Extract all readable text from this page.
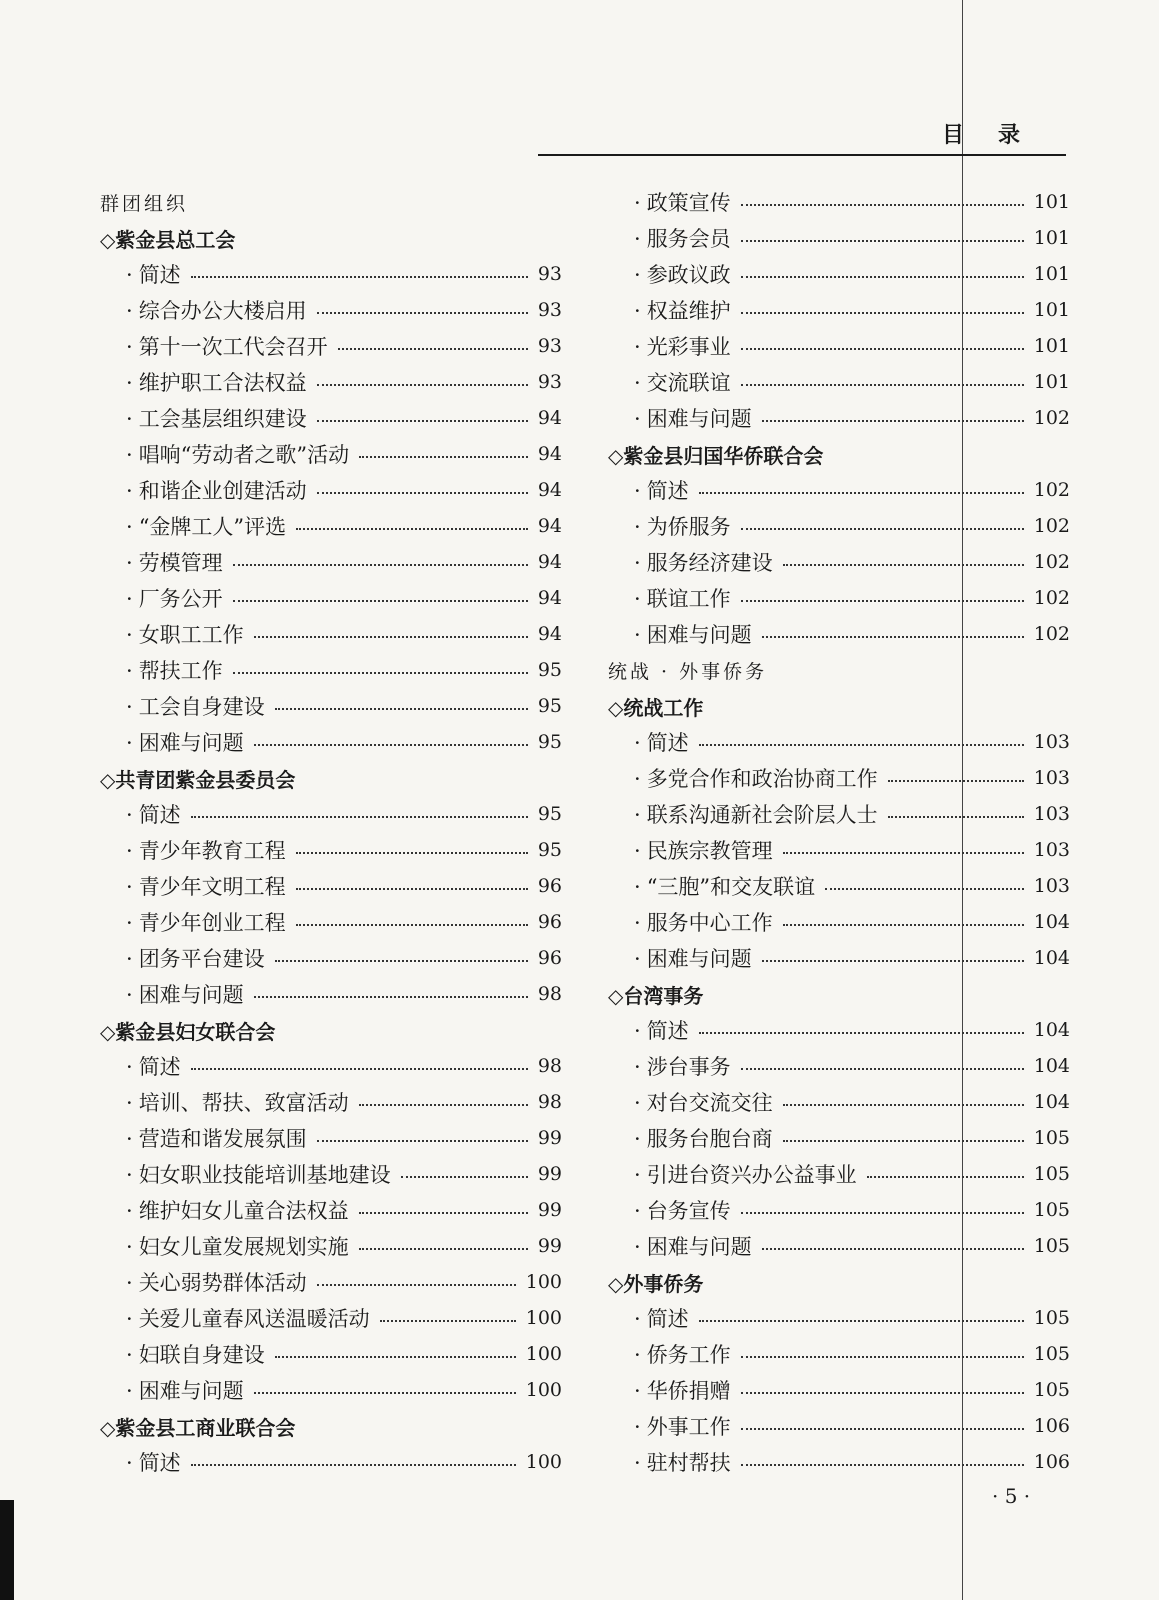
目录
群团组织
◇紫金县总工会
· 简述	93
· 综合办公大楼启用	93
· 第十一次工代会召开	93
· 维护职工合法权益	93
· 工会基层组织建设	94
· 唱响“劳动者之歌”活动	94
· 和谐企业创建活动	94
· “金牌工人”评选	94
· 劳模管理	94
· 厂务公开	94
· 女职工工作	94
· 帮扶工作	95
· 工会自身建设	95
· 困难与问题	95
◇共青团紫金县委员会
· 简述	95
· 青少年教育工程	95
· 青少年文明工程	96
· 青少年创业工程	96
· 团务平台建设	96
· 困难与问题	98
◇紫金县妇女联合会
· 简述	98
· 培训、帮扶、致富活动	98
· 营造和谐发展氛围	99
· 妇女职业技能培训基地建设	99
· 维护妇女儿童合法权益	99
· 妇女儿童发展规划实施	99
· 关心弱势群体活动	100
· 关爱儿童春风送温暖活动	100
· 妇联自身建设	100
· 困难与问题	100
◇紫金县工商业联合会
· 简述	100
· 政策宣传	101
· 服务会员	101
· 参政议政	101
· 权益维护	101
· 光彩事业	101
· 交流联谊	101
· 困难与问题	102
◇紫金县归国华侨联合会
· 简述	102
· 为侨服务	102
· 服务经济建设	102
· 联谊工作	102
· 困难与问题	102
统战 · 外事侨务
◇统战工作
· 简述	103
· 多党合作和政治协商工作	103
· 联系沟通新社会阶层人士	103
· 民族宗教管理	103
· “三胞”和交友联谊	103
· 服务中心工作	104
· 困难与问题	104
◇台湾事务
· 简述	104
· 涉台事务	104
· 对台交流交往	104
· 服务台胞台商	105
· 引进台资兴办公益事业	105
· 台务宣传	105
· 困难与问题	105
◇外事侨务
· 简述	105
· 侨务工作	105
· 华侨捐赠	105
· 外事工作	106
· 驻村帮扶	106
· 5 ·
